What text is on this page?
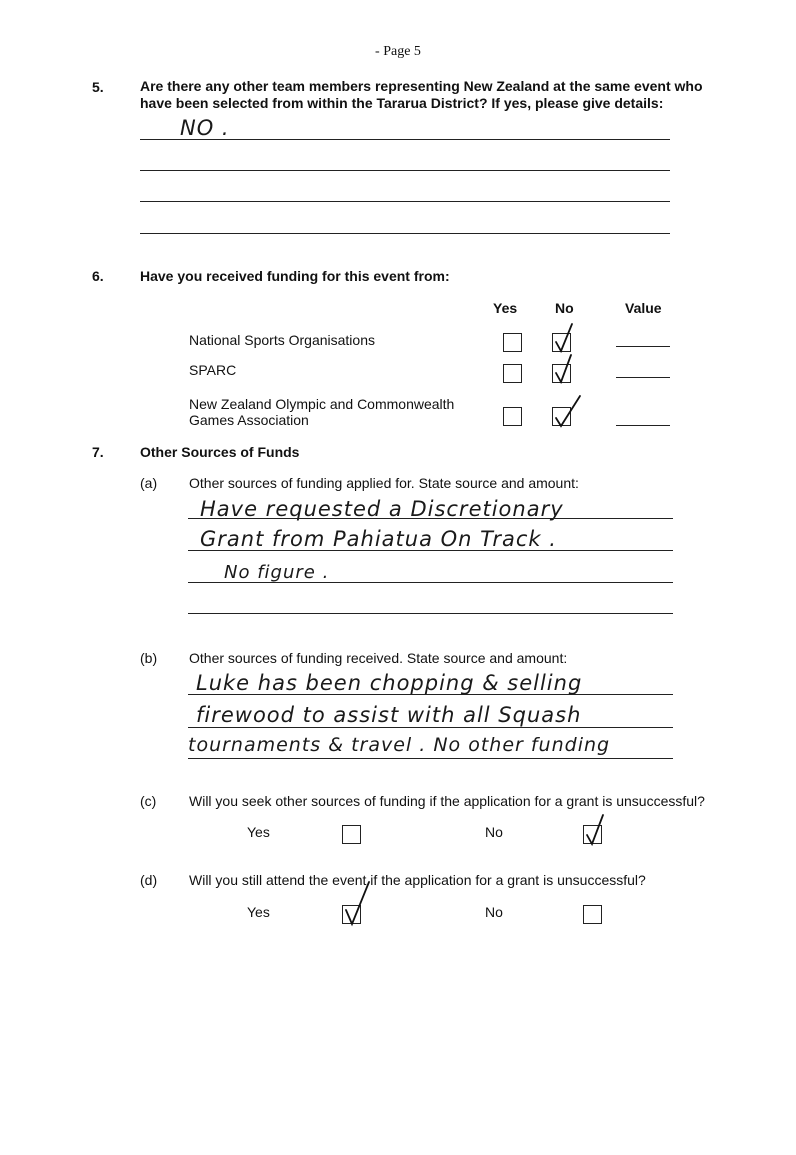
- Page 5
5.	Are there any other team members representing New Zealand at the same event who
have been selected from within the Tararua District? If yes, please give details:
NO .
6.	Have you received funding for this event from:
Yes	No	Value
National Sports Organisations
SPARC
New Zealand Olympic and Commonwealth
Games Association
7.	Other Sources of Funds
(a) Other sources of funding applied for. State source and amount:
Have requested a Discretionary
Grant from Pahiatua On Track .
No figure .
(b) Other sources of funding received. State source and amount:
Luke has been chopping & selling
firewood to assist with all Squash
tournaments & travel . No other funding
(c) Will you seek other sources of funding if the application for a grant is unsuccessful?
Yes	No
(d) Will you still attend the event if the application for a grant is unsuccessful?
Yes	No
